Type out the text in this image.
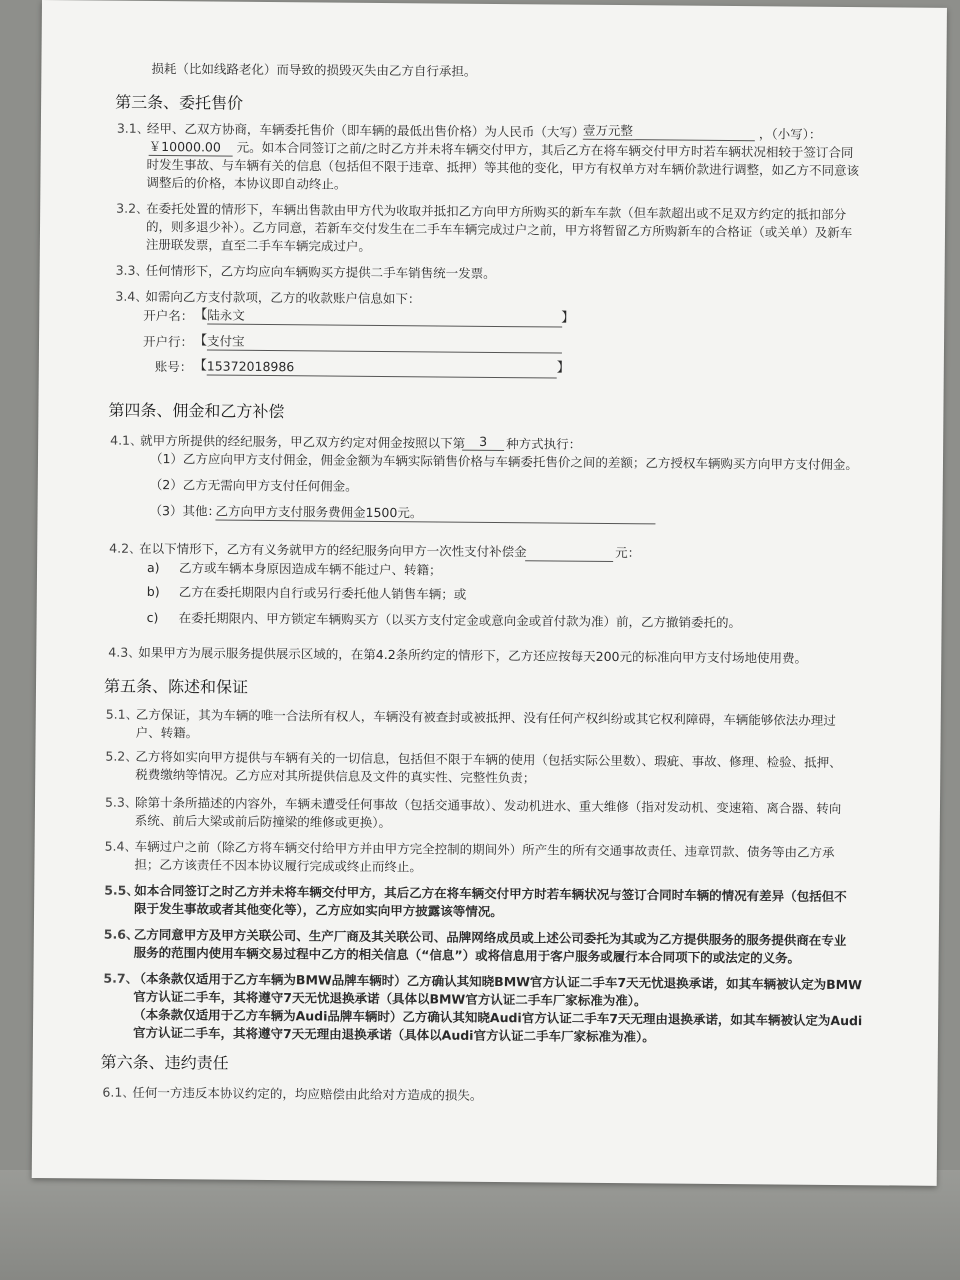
损耗（比如线路老化）而导致的损毁灭失由乙方自行承担。
第三条、委托售价
3.1、
经甲、乙双方协商，车辆委托售价（即车辆的最低出售价格）为人民币（大写）
壹万元整	，（小写）：
￥10000.00	元。如本合同签订之前/之时乙方并未将车辆交付甲方，其后乙方在将车辆交付甲方时若车辆状况相较于签订合同
时发生事故、与车辆有关的信息（包括但不限于违章、抵押）等其他的变化，甲方有权单方对车辆价款进行调整，如乙方不同意该
调整后的价格，本协议即自动终止。
3.2、
在委托处置的情形下，车辆出售款由甲方代为收取并抵扣乙方向甲方所购买的新车车款（但车款超出或不足双方约定的抵扣部分
的，则多退少补）。乙方同意，若新车交付发生在二手车车辆完成过户之前，甲方将暂留乙方所购新车的合格证（或关单）及新车
注册联发票，直至二手车车辆完成过户。
3.3、
任何情形下，乙方均应向车辆购买方提供二手车销售统一发票。
3.4、
如需向乙方支付款项，乙方的收款账户信息如下：
开户名： 【 陆永文	】
开户行： 【 支付宝
账号： 【 15372018986	】
第四条、佣金和乙方补偿
4.1、
就甲方所提供的经纪服务，甲乙双方约定对佣金按照以下第	3	种方式执行：
（1）乙方应向甲方支付佣金，佣金金额为车辆实际销售价格与车辆委托售价之间的差额；乙方授权车辆购买方向甲方支付佣金。
（2）乙方无需向甲方支付任何佣金。
（3）其他：
乙方向甲方支付服务费佣金1500元。
4.2、
在以下情形下，乙方有义务就甲方的经纪服务向甲方一次性支付补偿金	元：
a) 乙方或车辆本身原因造成车辆不能过户、转籍；
b) 乙方在委托期限内自行或另行委托他人销售车辆；或
c) 在委托期限内、甲方锁定车辆购买方（以买方支付定金或意向金或首付款为准）前，乙方撤销委托的。
4.3、
如果甲方为展示服务提供展示区域的，在第4.2条所约定的情形下，乙方还应按每天200元的标准向甲方支付场地使用费。
第五条、陈述和保证
5.1、
乙方保证，其为车辆的唯一合法所有权人，车辆没有被查封或被抵押、没有任何产权纠纷或其它权利障碍，车辆能够依法办理过
户、转籍。
5.2、
乙方将如实向甲方提供与车辆有关的一切信息，包括但不限于车辆的使用（包括实际公里数）、瑕疵、事故、修理、检验、抵押、
税费缴纳等情况。乙方应对其所提供信息及文件的真实性、完整性负责；
5.3、
除第十条所描述的内容外，车辆未遭受任何事故（包括交通事故）、发动机进水、重大维修（指对发动机、变速箱、离合器、转向
系统、前后大梁或前后防撞梁的维修或更换）。
5.4、
车辆过户之前（除乙方将车辆交付给甲方并由甲方完全控制的期间外）所产生的所有交通事故责任、违章罚款、债务等由乙方承
担；乙方该责任不因本协议履行完成或终止而终止。
5.5、
如本合同签订之时乙方并未将车辆交付甲方，其后乙方在将车辆交付甲方时若车辆状况与签订合同时车辆的情况有差异（包括但不
限于发生事故或者其他变化等），乙方应如实向甲方披露该等情况。
5.6、
乙方同意甲方及甲方关联公司、生产厂商及其关联公司、品牌网络成员或上述公司委托为其或为乙方提供服务的服务提供商在专业
服务的范围内使用车辆交易过程中乙方的相关信息（“信息”）或将信息用于客户服务或履行本合同项下的或法定的义务。
5.7、
（本条款仅适用于乙方车辆为BMW品牌车辆时）乙方确认其知晓BMW官方认证二手车7天无忧退换承诺，如其车辆被认定为BMW
官方认证二手车，其将遵守7天无忧退换承诺（具体以BMW官方认证二手车厂家标准为准）。
（本条款仅适用于乙方车辆为Audi品牌车辆时）乙方确认其知晓Audi官方认证二手车7天无理由退换承诺，如其车辆被认定为Audi
官方认证二手车，其将遵守7天无理由退换承诺（具体以Audi官方认证二手车厂家标准为准）。
第六条、违约责任
6.1、
任何一方违反本协议约定的，均应赔偿由此给对方造成的损失。
